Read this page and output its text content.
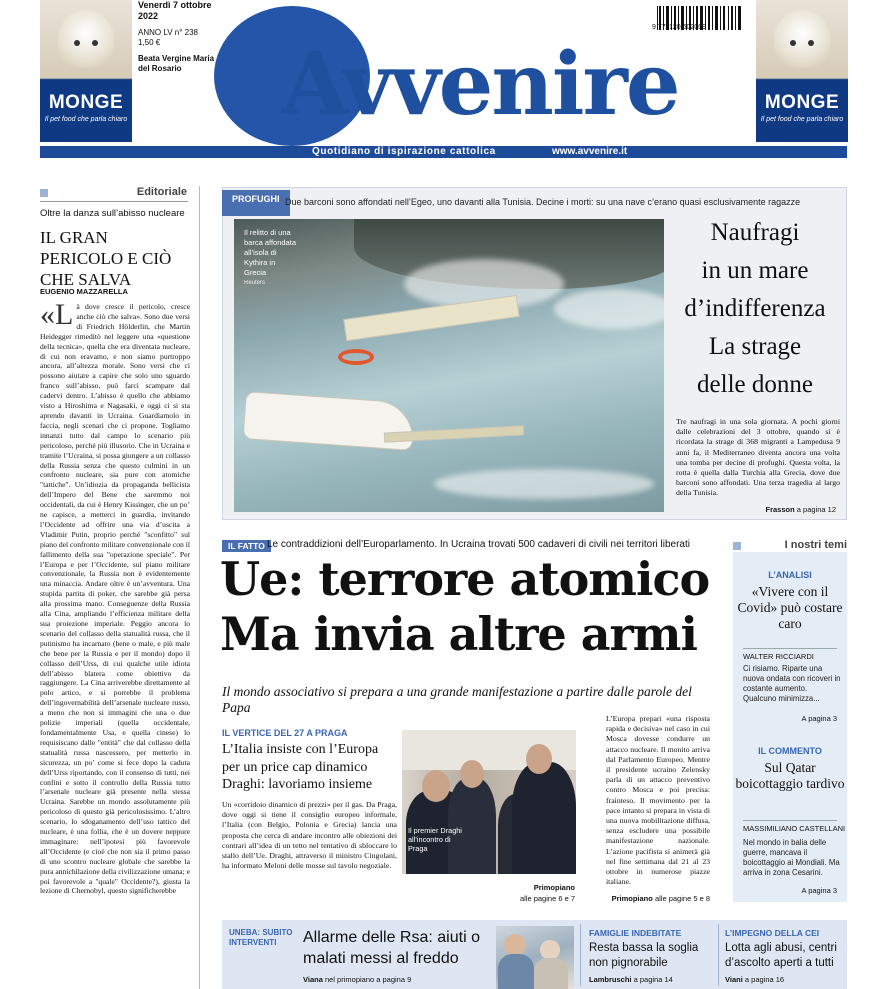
MONGE
Il pet food che parla chiaro
Venerdì 7 ottobre 2022
ANNO LV n° 238
1,50 €
Beata Vergine Maria del Rosario	Avvenire
9 771120 602009
MONGE
Il pet food che parla chiaro
Quotidiano di ispirazione cattolica	www.avvenire.it
Editoriale
Oltre la danza sull’abisso nucleare
IL GRAN PERICOLO E CIÒ CHE SALVA
EUGENIO MAZZARELLA
«Là dove cresce il pericolo, cresce anche ciò che salva». Sono due versi di Friedrich Hölderlin, che Martin Heidegger rimeditò nel leggere una «questione della tecnica», quella che era diventata nucleare, di cui non eravamo, e non siamo purtroppo ancora, all’altezza morale. Sono versi che ci possono aiutare a capire che solo uno sguardo franco sull’abisso, può farci scampare dal cadervi dentro. L’abisso è quello che abbiamo visto a Hiroshima e Nagasaki, e oggi ci si sta aprendo davanti in Ucraina. Guardiamolo in faccia, negli scenari che ci propone. Togliamo innanzi tutto dal campo lo scenario più pericoloso, perché più illusorio. Che in Ucraina e tramite l’Ucraina, si possa giungere a un collasso della Russia senza che questo culmini in un confronto nucleare, sia pure con atomiche "tattiche". Un’idiozia da propaganda bellicista dell’Impero del Bene che saremmo noi occidentali, da cui è Henry Kissinger, che un po’ ne capisce, a metterci in guardia, invitando l’Occidente ad offrire una via d’uscita a Vladimir Putin, proprio perché "sconfitto" sul piano del confronto militare convenzionale con il fallimento della sua "operazione speciale". Per l’Europa e per l’Occidente, sul piano militare convenzionale, la Russia non è evidentemente una minaccia. Andare oltre è un’avventura. Una stupida partita di poker, che sarebbe già persa alla prossima mano. Conseguenze della Russia alla Cina, ampliando l’efficienza militare della sua proiezione imperiale. Peggio ancora lo scenario del collasso della statualità russa, che il putinismo ha incarnato (bene o male, e più male che bene per la Russia e per il mondo) dopo il collasso dell’Urss, di cui qualche utile idiota dell’abisso blatera come obiettivo da raggiungere. La Cina arriverebbe direttamente al polo artico, e si porrebbe il problema dell’ingovernabilità dell’arsenale nucleare russo, a meno che non si immagini che una o due polizie imperiali (quella occidentale, fondamentalmente Usa, e quella cinese) lo requisiscano dalle "entità" che dal collasso della statualità russa nascessero, per metterlo in sicurezza, un po’ come si fece dopo la caduta dell’Urss riportando, con il consenso di tutti, nei confini e sotto il controllo della Russia tutto l’arsenale nucleare già presente nella stessa Ucraina. Sarebbe un mondo assolutamente più pericoloso di questo già pericolosissimo. L’altro scenario, lo sdoganamento dell’uso tattico del nucleare, è una follia, che è un dovere neppure immaginare: nell’ipotesi più favorevole all’Occidente (e cioè che non sia il primo passo di uno scontro nucleare globale che sarebbe la pura annichilazione della civilizzazione umana; e poi favorevole a "quale" Occidente?), giusta la lezione di Chernobyl, questo significherebbe
PROFUGHI Due barconi sono affondati nell’Egeo, uno davanti alla Tunisia. Decine i morti: su una nave c’erano quasi esclusivamente ragazze
Il relitto di una barca affondata all’isola di Kythira in Grecia
Reuters
Naufragi
in un mare
d’indifferenza
La strage
delle donne
Tre naufragi in una sola giornata. A pochi giorni dalle celebrazioni del 3 ottobre, quando si è ricordata la strage di 368 migranti a Lampedusa 9 anni fa, il Mediterraneo diventa ancora una volta una tomba per decine di profughi. Questa volta, la rotta è quella dalla Turchia alla Grecia, dove due barconi sono affondati. Una terza tragedia al largo della Tunisia.
Frasson a pagina 12
IL FATTO Le contraddizioni dell’Europarlamento. In Ucraina trovati 500 cadaveri di civili nei territori liberati
Ue: terrore atomico
Ma invia altre armi
Il mondo associativo si prepara a una grande manifestazione a partire dalle parole del Papa
IL VERTICE DEL 27 A PRAGA
L’Italia insiste con l’Europa per un price cap dinamico Draghi: lavoriamo insieme
Un «corridoio dinamico di prezzi» per il gas. Da Praga, dove oggi si tiene il consiglio europeo informale, l’Italia (con Belgio, Polonia e Grecia) lancia una proposta che cerca di andare incontro alle obiezioni dei contrari all’idea di un tetto nel tentativo di sbloccare lo stallo dell’Ue. Draghi, attraverso il ministro Cingolani, ha informato Meloni delle mosse sul tavolo negoziale.
Il premier Draghi all’incontro di Praga
Primopiano
alle pagine 6 e 7
L’Europa prepari «una risposta rapida e decisiva» nel caso in cui Mosca dovesse condurre un attacco nucleare. Il monito arriva dal Parlamento Europeo. Mentre il presidente ucraino Zelensky parla di un attacco preventivo contro Mosca e poi precisa: frainteso. Il movimento per la pace intanto si prepara in vista di una nuova mobilitazione diffusa, senza escludere una possibile manifestazione nazionale. L’azione pacifista si animerà già nel fine settimana dal 21 al 23 ottobre in numerose piazze italiane.
Primopiano alle pagine 5 e 8
I nostri temi
L’ANALISI
«Vivere con il Covid» può costare caro
WALTER RICCIARDI
Ci risiamo. Riparte una nuova ondata con ricoveri in costante aumento. Qualcuno minimizza...
A pagina 3
IL COMMENTO
Sul Qatar boicottaggio tardivo
MASSIMILIANO CASTELLANI
Nel mondo in balia delle guerre, mancava il boicottaggio ai Mondiali. Ma arriva in zona Cesarini.
A pagina 3
UNEBA: SUBITO INTERVENTI	Allarme delle Rsa: aiuti o malati messi al freddo
Viana nel primopiano a pagina 9
FAMIGLIE INDEBITATE
Resta bassa la soglia non pignorabile
Lambruschi a pagina 14
L’IMPEGNO DELLA CEI
Lotta agli abusi, centri d’ascolto aperti a tutti
Viani a pagina 16
